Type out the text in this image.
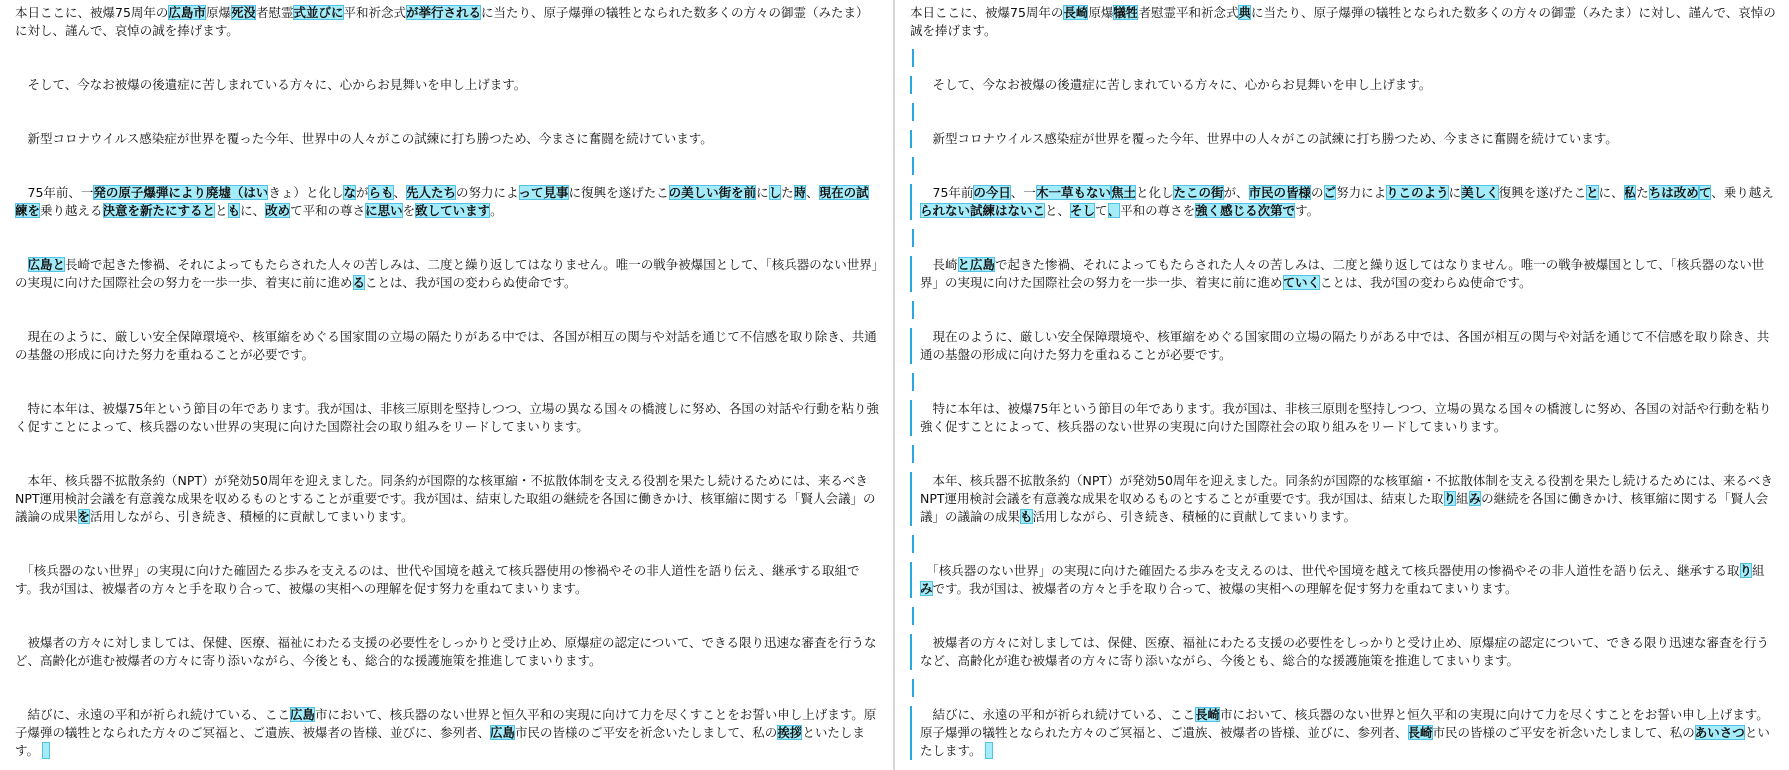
本日ここに、被爆75周年の広島市原爆死没者慰霊式並びに平和祈念式が挙行されるに当たり、原子爆弾の犠牲となられた数多くの方々の御霊（みたま）に対し、謹んで、哀悼の誠を捧げます。

　そして、今なお被爆の後遺症に苦しまれている方々に、心からお見舞いを申し上げます。

　新型コロナウイルス感染症が世界を覆った今年、世界中の人々がこの試練に打ち勝つため、今まさに奮闘を続けています。

　75年前、一発の原子爆弾により廃墟（はいきょ）と化しながらも、先人たちの努力によって見事に復興を遂げたこの美しい街を前にした時、現在の試練を乗り越える決意を新たにするとともに、改めて平和の尊さに思いを致しています。

　広島と長崎で起きた惨禍、それによってもたらされた人々の苦しみは、二度と繰り返してはなりません。唯一の戦争被爆国として、「核兵器のない世界」の実現に向けた国際社会の努力を一歩一歩、着実に前に進めることは、我が国の変わらぬ使命です。

　現在のように、厳しい安全保障環境や、核軍縮をめぐる国家間の立場の隔たりがある中では、各国が相互の関与や対話を通じて不信感を取り除き、共通の基盤の形成に向けた努力を重ねることが必要です。

　特に本年は、被爆75年という節目の年であります。我が国は、非核三原則を堅持しつつ、立場の異なる国々の橋渡しに努め、各国の対話や行動を粘り強く促すことによって、核兵器のない世界の実現に向けた国際社会の取り組みをリードしてまいります。

　本年、核兵器不拡散条約（NPT）が発効50周年を迎えました。同条約が国際的な核軍縮・不拡散体制を支える役割を果たし続けるためには、来るべきNPT運用検討会議を有意義な成果を収めるものとすることが重要です。我が国は、結束した取組の継続を各国に働きかけ、核軍縮に関する「賢人会議」の議論の成果を活用しながら、引き続き、積極的に貢献してまいります。

　「核兵器のない世界」の実現に向けた確固たる歩みを支えるのは、世代や国境を越えて核兵器使用の惨禍やその非人道性を語り伝え、継承する取組です。我が国は、被爆者の方々と手を取り合って、被爆の実相への理解を促す努力を重ねてまいります。

　被爆者の方々に対しましては、保健、医療、福祉にわたる支援の必要性をしっかりと受け止め、原爆症の認定について、できる限り迅速な審査を行うなど、高齢化が進む被爆者の方々に寄り添いながら、今後とも、総合的な援護施策を推進してまいります。

　結びに、永遠の平和が祈られ続けている、ここ広島市において、核兵器のない世界と恒久平和の実現に向けて力を尽くすことをお誓い申し上げます。原子爆弾の犠牲となられた方々のご冥福と、ご遺族、被爆者の皆様、並びに、参列者、広島市民の皆様のご平安を祈念いたしまして、私の挨拶といたします。

本日ここに、被爆75周年の長崎原爆犠牲者慰霊平和祈念式典に当たり、原子爆弾の犠牲となられた数多くの方々の御霊（みたま）に対し、謹んで、哀悼の誠を捧げます。

　そして、今なお被爆の後遺症に苦しまれている方々に、心からお見舞いを申し上げます。

　新型コロナウイルス感染症が世界を覆った今年、世界中の人々がこの試練に打ち勝つため、今まさに奮闘を続けています。

　75年前の今日、一木一草もない焦土と化したこの街が、市民の皆様のご努力によりこのように美しく復興を遂げたことに、私たちは改めて、乗り越えられない試練はないこと、そして、平和の尊さを強く感じる次第です。

　長崎と広島で起きた惨禍、それによってもたらされた人々の苦しみは、二度と繰り返してはなりません。唯一の戦争被爆国として、「核兵器のない世界」の実現に向けた国際社会の努力を一歩一歩、着実に前に進めていくことは、我が国の変わらぬ使命です。

　現在のように、厳しい安全保障環境や、核軍縮をめぐる国家間の立場の隔たりがある中では、各国が相互の関与や対話を通じて不信感を取り除き、共通の基盤の形成に向けた努力を重ねることが必要です。

　特に本年は、被爆75年という節目の年であります。我が国は、非核三原則を堅持しつつ、立場の異なる国々の橋渡しに努め、各国の対話や行動を粘り強く促すことによって、核兵器のない世界の実現に向けた国際社会の取り組みをリードしてまいります。

　本年、核兵器不拡散条約（NPT）が発効50周年を迎えました。同条約が国際的な核軍縮・不拡散体制を支える役割を果たし続けるためには、来るべきNPT運用検討会議を有意義な成果を収めるものとすることが重要です。我が国は、結束した取り組みの継続を各国に働きかけ、核軍縮に関する「賢人会議」の議論の成果も活用しながら、引き続き、積極的に貢献してまいります。

　「核兵器のない世界」の実現に向けた確固たる歩みを支えるのは、世代や国境を越えて核兵器使用の惨禍やその非人道性を語り伝え、継承する取り組みです。我が国は、被爆者の方々と手を取り合って、被爆の実相への理解を促す努力を重ねてまいります。

　被爆者の方々に対しましては、保健、医療、福祉にわたる支援の必要性をしっかりと受け止め、原爆症の認定について、できる限り迅速な審査を行うなど、高齢化が進む被爆者の方々に寄り添いながら、今後とも、総合的な援護施策を推進してまいります。

　結びに、永遠の平和が祈られ続けている、ここ長崎市において、核兵器のない世界と恒久平和の実現に向けて力を尽くすことをお誓い申し上げます。原子爆弾の犠牲となられた方々のご冥福と、ご遺族、被爆者の皆様、並びに、参列者、長崎市民の皆様のご平安を祈念いたしまして、私のあいさつといたします。
